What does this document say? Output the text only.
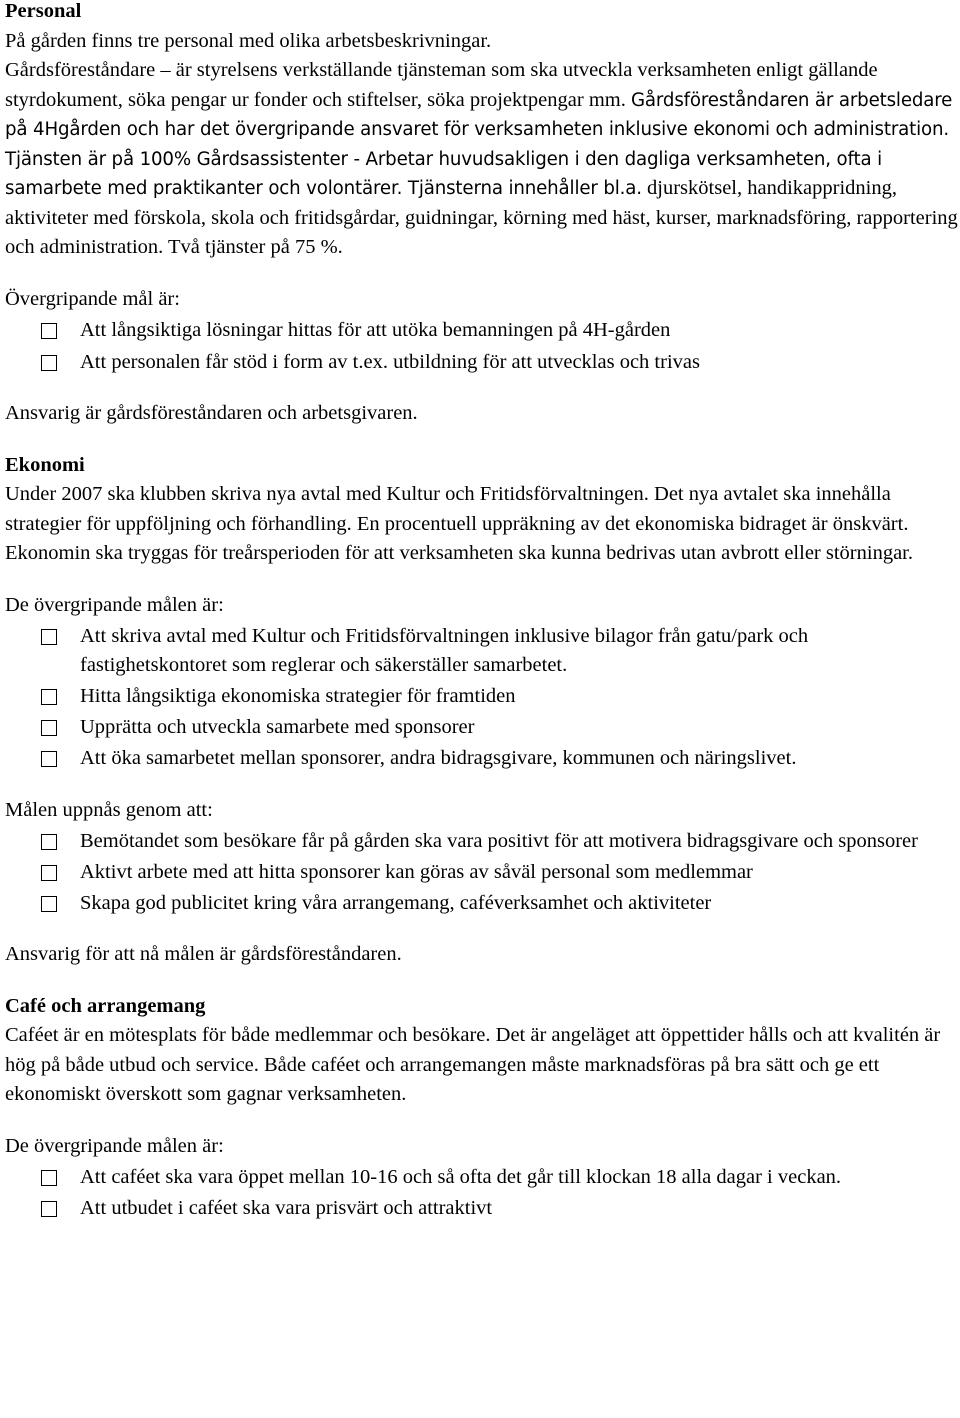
Personal

På gården finns tre personal med olika arbetsbeskrivningar.
Gårdsföreståndare – är styrelsens verkställande tjänsteman som ska utveckla verksamheten enligt gällande styrdokument, söka pengar ur fonder och stiftelser, söka projektpengar mm. Gårdsföreståndaren är arbetsledare på 4Hgården och har det övergripande ansvaret för verksamheten inklusive ekonomi och administration. Tjänsten är på 100% Gårdsassistenter - Arbetar huvudsakligen i den dagliga verksamheten, ofta i samarbete med praktikanter och volontärer. Tjänsterna innehåller bl.a. djurskötsel, handikappridning, aktiviteter med förskola, skola och fritidsgårdar, guidningar, körning med häst, kurser, marknadsföring, rapportering och administration. Två tjänster på 75 %.

Övergripande mål är:

Att långsiktiga lösningar hittas för att utöka bemanningen på 4H-gården
Att personalen får stöd i form av t.ex. utbildning för att utvecklas och trivas

Ansvarig är gårdsföreståndaren och arbetsgivaren.

Ekonomi

Under 2007 ska klubben skriva nya avtal med Kultur och Fritidsförvaltningen. Det nya avtalet ska innehålla strategier för uppföljning och förhandling. En procentuell uppräkning av det ekonomiska bidraget är önskvärt. Ekonomin ska tryggas för treårsperioden för att verksamheten ska kunna bedrivas utan avbrott eller störningar.

De övergripande målen är:

Att skriva avtal med Kultur och Fritidsförvaltningen inklusive bilagor från gatu/park och fastighetskontoret som reglerar och säkerställer samarbetet.
Hitta långsiktiga ekonomiska strategier för framtiden
Upprätta och utveckla samarbete med sponsorer
Att öka samarbetet mellan sponsorer, andra bidragsgivare, kommunen och näringslivet.

Målen uppnås genom att:

Bemötandet som besökare får på gården ska vara positivt för att motivera bidragsgivare och sponsorer
Aktivt arbete med att hitta sponsorer kan göras av såväl personal som medlemmar
Skapa god publicitet kring våra arrangemang, caféverksamhet och aktiviteter

Ansvarig för att nå målen är gårdsföreståndaren.

Café och arrangemang

Caféet är en mötesplats för både medlemmar och besökare. Det är angeläget att öppettider hålls och att kvalitén är hög på både utbud och service. Både caféet och arrangemangen måste marknadsföras på bra sätt och ge ett ekonomiskt överskott som gagnar verksamheten.

De övergripande målen är:

Att caféet ska vara öppet mellan 10-16 och så ofta det går till klockan 18 alla dagar i veckan.
Att utbudet i caféet ska vara prisvärt och attraktivt
